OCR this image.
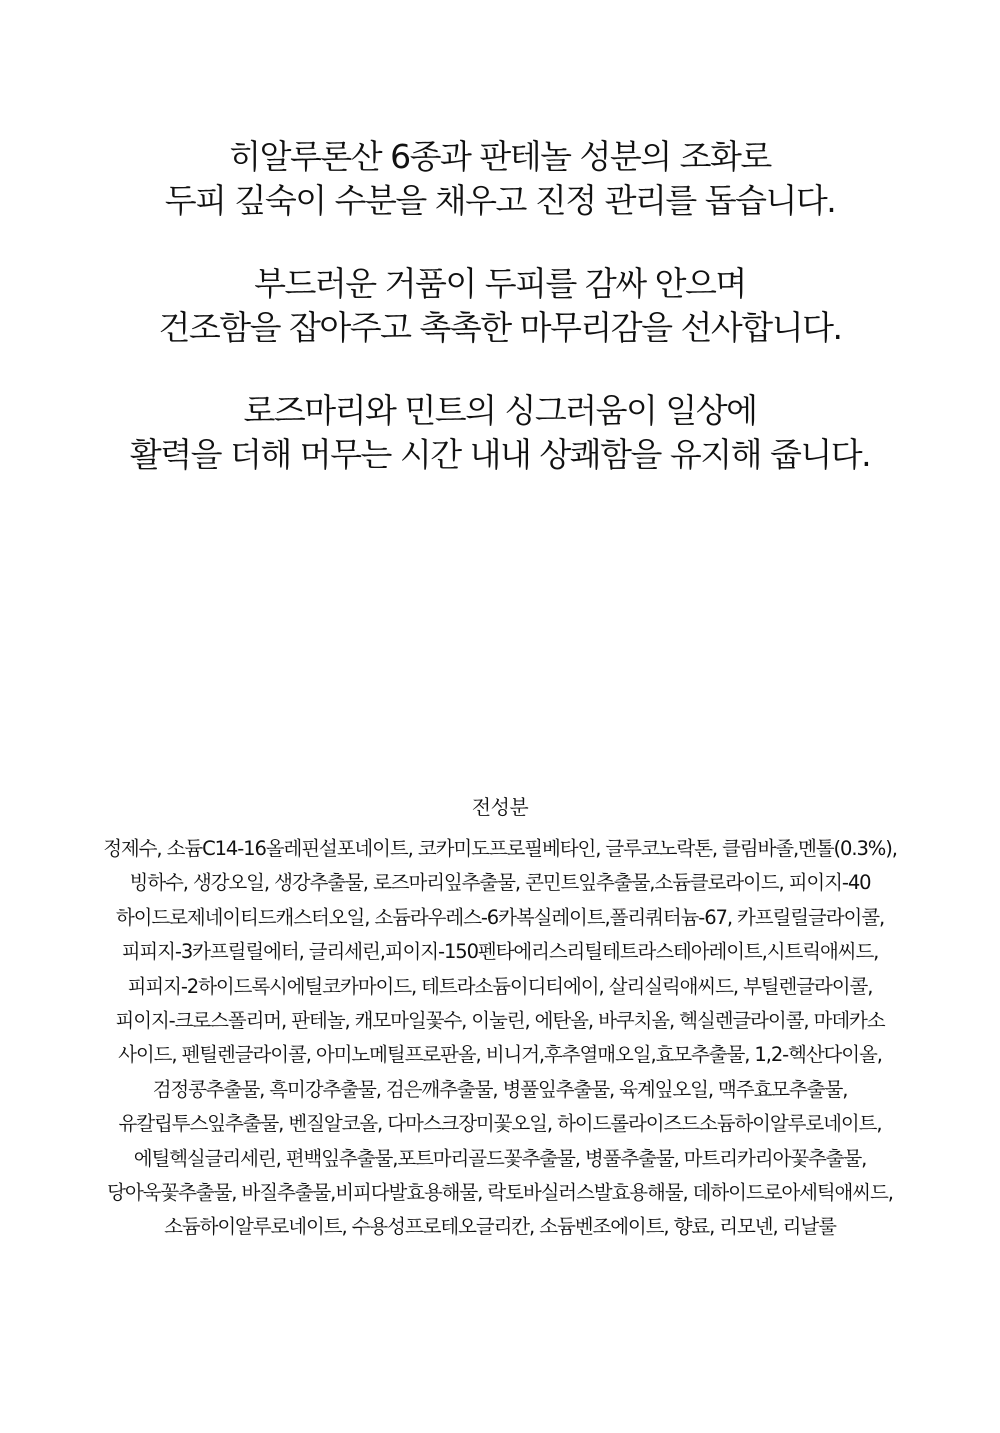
히알루론산 6종과 판테놀 성분의 조화로
두피 깊숙이 수분을 채우고 진정 관리를 돕습니다.

부드러운 거품이 두피를 감싸 안으며
건조함을 잡아주고 촉촉한 마무리감을 선사합니다.

로즈마리와 민트의 싱그러움이 일상에
활력을 더해 머무는 시간 내내 상쾌함을 유지해 줍니다.

전성분
정제수, 소듐C14-16올레핀설포네이트, 코카미도프로필베타인, 글루코노락톤, 클림바졸,멘톨(0.3%),
빙하수, 생강오일, 생강추출물, 로즈마리잎추출물, 콘민트잎추출물,소듐클로라이드, 피이지-40
하이드로제네이티드캐스터오일, 소듐라우레스-6카복실레이트,폴리쿼터늄-67, 카프릴릴글라이콜,
피피지-3카프릴릴에터, 글리세린,피이지-150펜타에리스리틸테트라스테아레이트,시트릭애씨드,
피피지-2하이드록시에틸코카마이드, 테트라소듐이디티에이, 살리실릭애씨드, 부틸렌글라이콜,
피이지-크로스폴리머, 판테놀, 캐모마일꽃수, 이눌린, 에탄올, 바쿠치올, 헥실렌글라이콜, 마데카소
사이드, 펜틸렌글라이콜, 아미노메틸프로판올, 비니거,후추열매오일,효모추출물, 1,2-헥산다이올,
검정콩추출물, 흑미강추출물, 검은깨추출물, 병풀잎추출물, 육계잎오일, 맥주효모추출물,
유칼립투스잎추출물, 벤질알코올, 다마스크장미꽃오일, 하이드롤라이즈드소듐하이알루로네이트,
에틸헥실글리세린, 편백잎추출물,포트마리골드꽃추출물, 병풀추출물, 마트리카리아꽃추출물,
당아욱꽃추출물, 바질추출물,비피다발효용해물, 락토바실러스발효용해물, 데하이드로아세틱애씨드,
소듐하이알루로네이트, 수용성프로테오글리칸, 소듐벤조에이트, 향료, 리모넨, 리날룰
